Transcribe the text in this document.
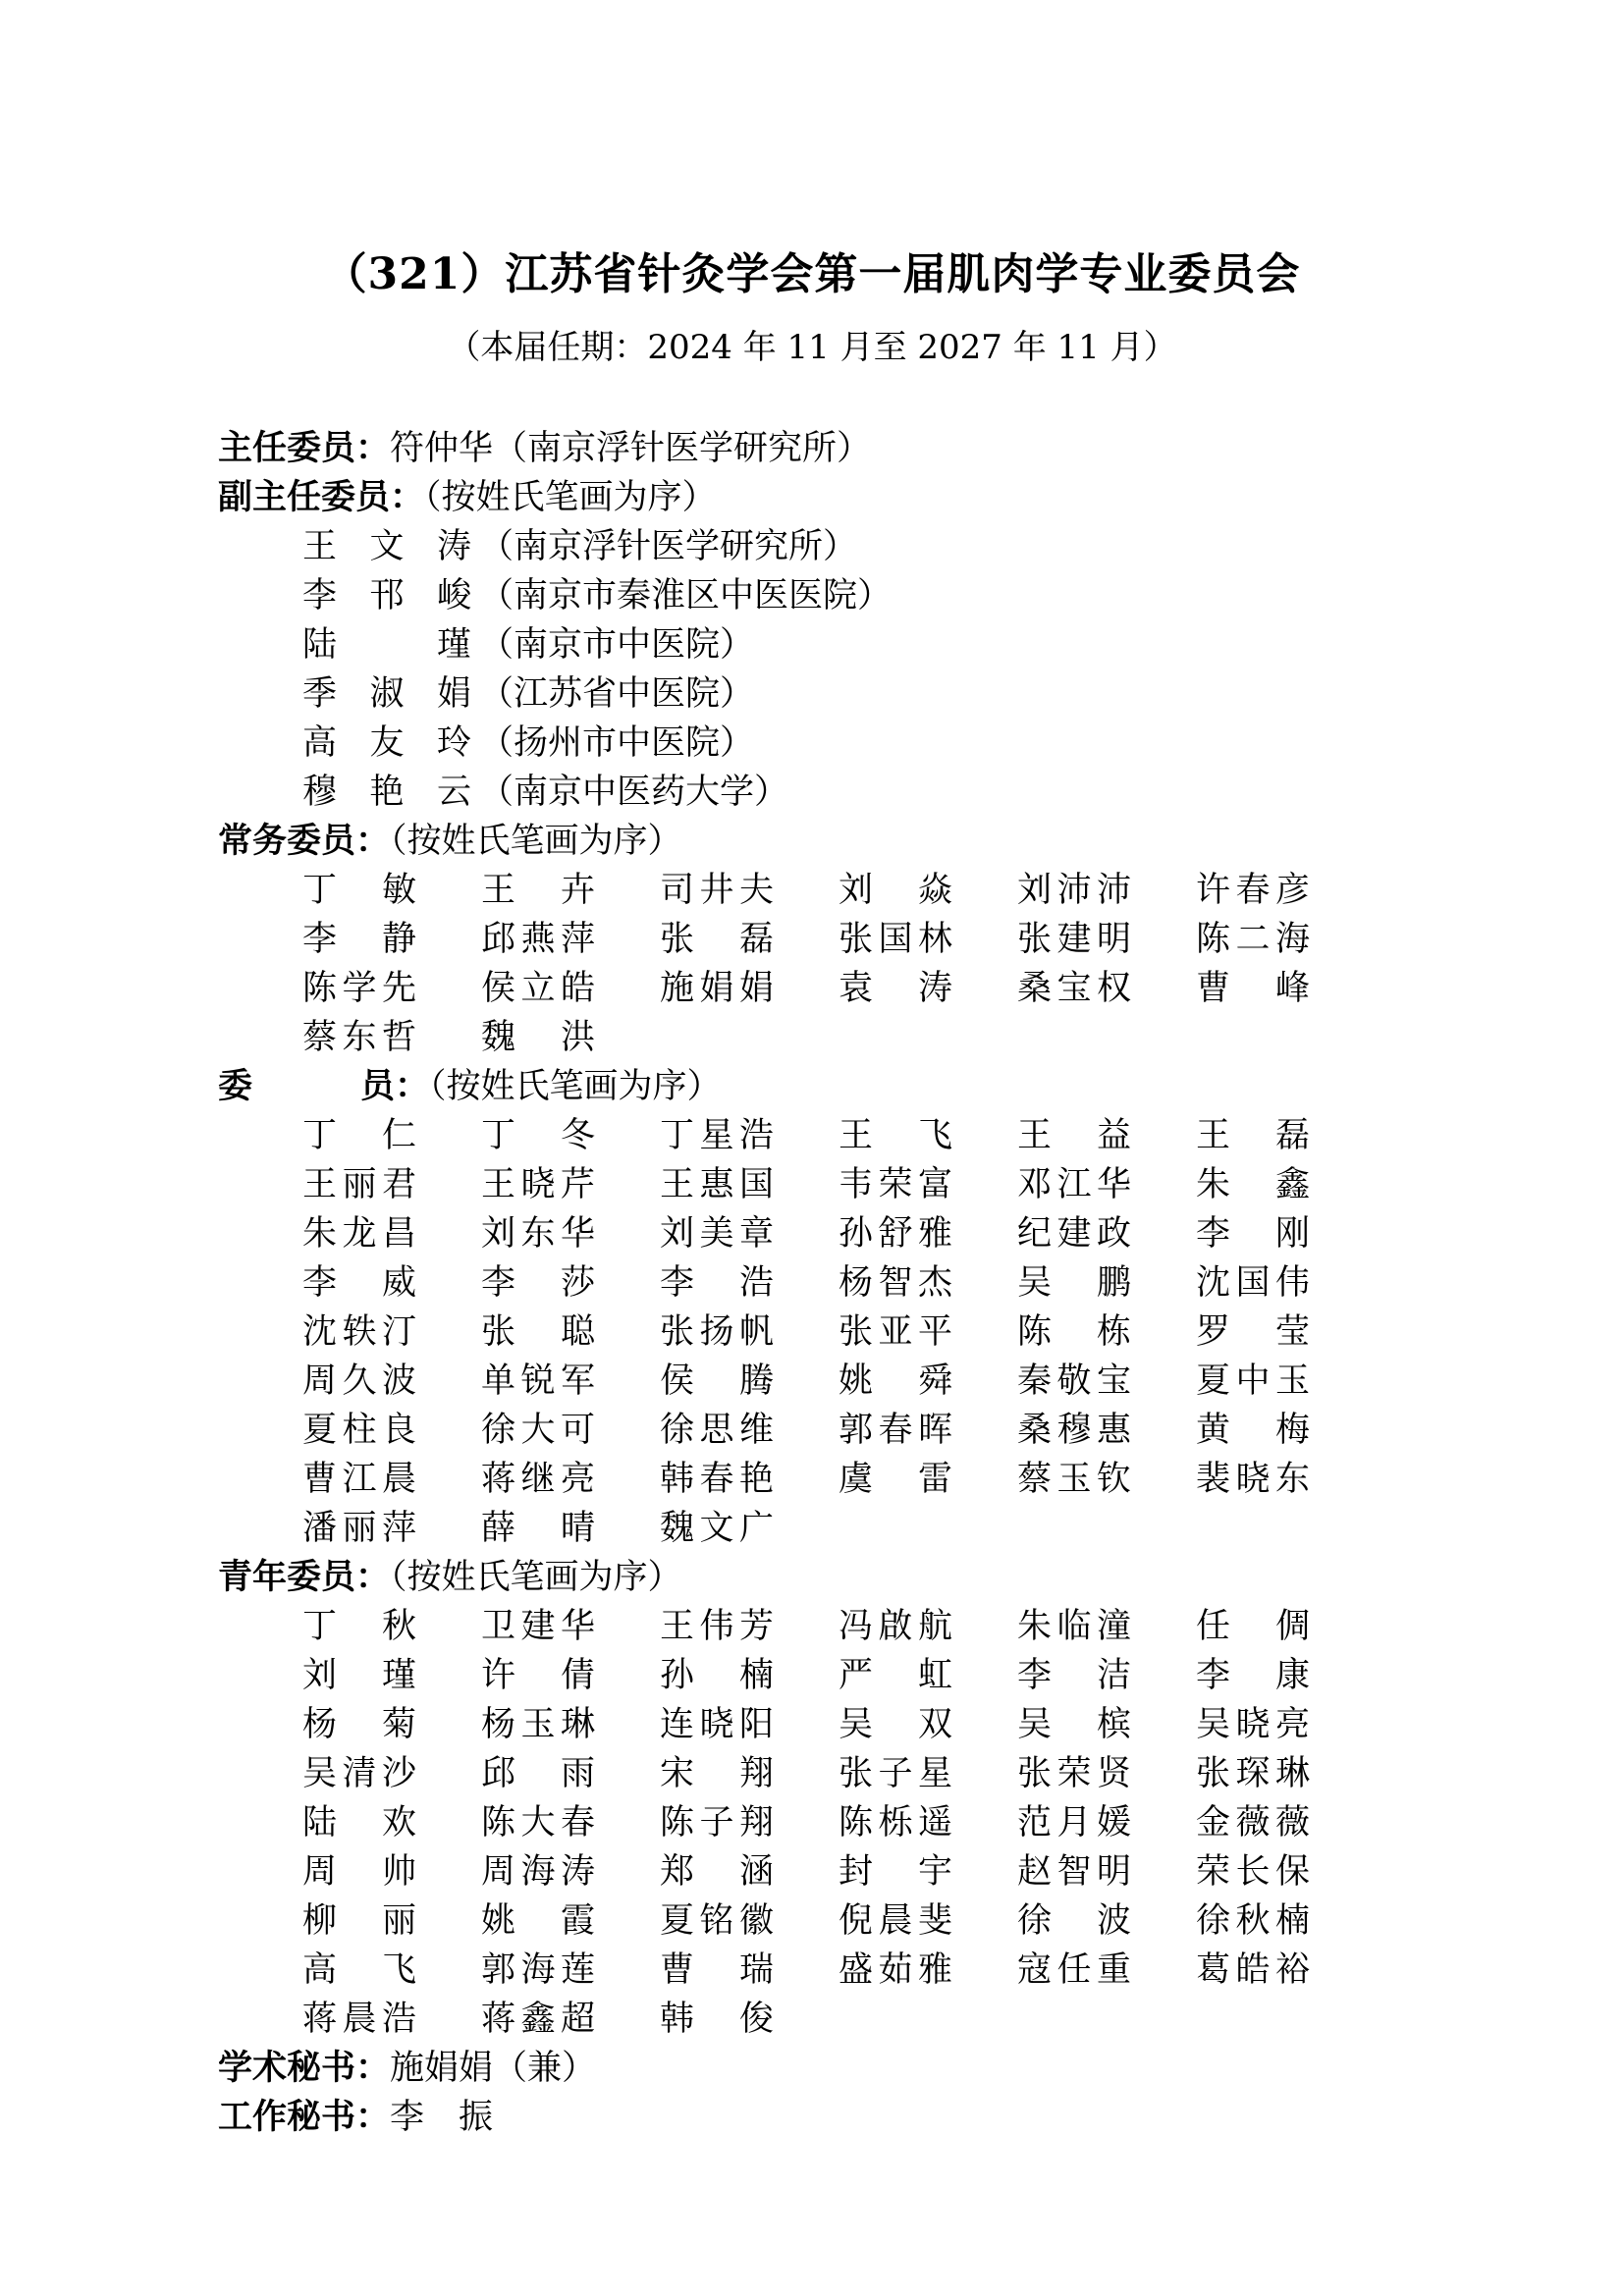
（321）江苏省针灸学会第一届肌肉学专业委员会
（本届任期：2024 年 11 月至 2027 年 11 月）
主任委员：符仲华（南京浮针医学研究所）
副主任委员：（按姓氏笔画为序）
王文涛 （南京浮针医学研究所）
李邗峻 （南京市秦淮区中医医院）
陆　瑾 （南京市中医院）
季淑娟 （江苏省中医院）
高友玲 （扬州市中医院）
穆艳云 （南京中医药大学）
常务委员：（按姓氏笔画为序）
丁　敏 王　卉 司井夫 刘　焱 刘沛沛 许春彦
李　静 邱燕萍 张　磊 张国林 张建明 陈二海
陈学先 侯立皓 施娟娟 袁　涛 桑宝权 曹　峰
蔡东哲 魏　洪
委	员：（按姓氏笔画为序）
丁　仁 丁　冬 丁星浩 王　飞 王　益 王　磊
王丽君 王晓芹 王惠国 韦荣富 邓江华 朱　鑫
朱龙昌 刘东华 刘美章 孙舒雅 纪建政 李　刚
李　威 李　莎 李　浩 杨智杰 吴　鹏 沈国伟
沈轶汀 张　聪 张扬帆 张亚平 陈　栋 罗　莹
周久波 单锐军 侯　腾 姚　舜 秦敬宝 夏中玉
夏柱良 徐大可 徐思维 郭春晖 桑穆惠 黄　梅
曹江晨 蒋继亮 韩春艳 虞　雷 蔡玉钦 裴晓东
潘丽萍 薛　晴 魏文广
青年委员：（按姓氏笔画为序）
丁　秋 卫建华 王伟芳 冯啟航 朱临潼 任　倜
刘　瑾 许　倩 孙　楠 严　虹 李　洁 李　康
杨　菊 杨玉琳 连晓阳 吴　双 吴　槟 吴晓亮
吴清沙 邱　雨 宋　翔 张子星 张荣贤 张琛琳
陆　欢 陈大春 陈子翔 陈栎遥 范月媛 金薇薇
周　帅 周海涛 郑　涵 封　宇 赵智明 荣长保
柳　丽 姚　霞 夏铭徽 倪晨斐 徐　波 徐秋楠
高　飞 郭海莲 曹　瑞 盛茹雅 寇任重 葛皓裕
蒋晨浩 蒋鑫超 韩　俊
学术秘书：施娟娟（兼）
工作秘书：李　振
